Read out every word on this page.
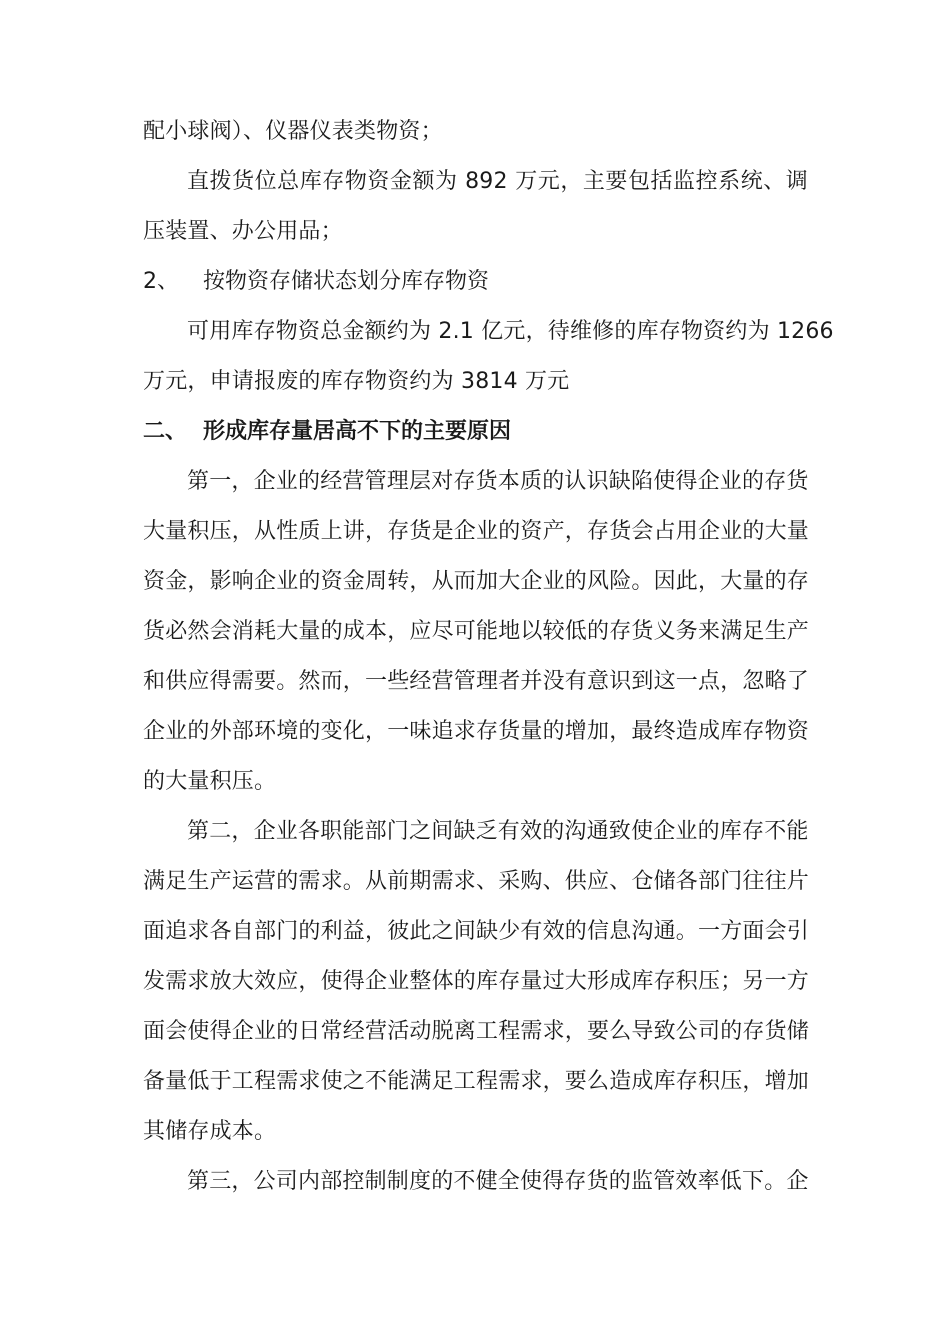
配小球阀）、仪器仪表类物资；
直拨货位总库存物资金额为 892 万元，主要包括监控系统、调
压装置、办公用品；
2、 按物资存储状态划分库存物资
可用库存物资总金额约为 2.1 亿元，待维修的库存物资约为 1266
万元，申请报废的库存物资约为 3814 万元
二、 形成库存量居高不下的主要原因
第一，企业的经营管理层对存货本质的认识缺陷使得企业的存货
大量积压，从性质上讲，存货是企业的资产，存货会占用企业的大量
资金，影响企业的资金周转，从而加大企业的风险。因此，大量的存
货必然会消耗大量的成本，应尽可能地以较低的存货义务来满足生产
和供应得需要。然而，一些经营管理者并没有意识到这一点，忽略了
企业的外部环境的变化，一味追求存货量的增加，最终造成库存物资
的大量积压。
第二，企业各职能部门之间缺乏有效的沟通致使企业的库存不能
满足生产运营的需求。从前期需求、采购、供应、仓储各部门往往片
面追求各自部门的利益，彼此之间缺少有效的信息沟通。一方面会引
发需求放大效应，使得企业整体的库存量过大形成库存积压；另一方
面会使得企业的日常经营活动脱离工程需求，要么导致公司的存货储
备量低于工程需求使之不能满足工程需求，要么造成库存积压，增加
其储存成本。
第三，公司内部控制制度的不健全使得存货的监管效率低下。企
